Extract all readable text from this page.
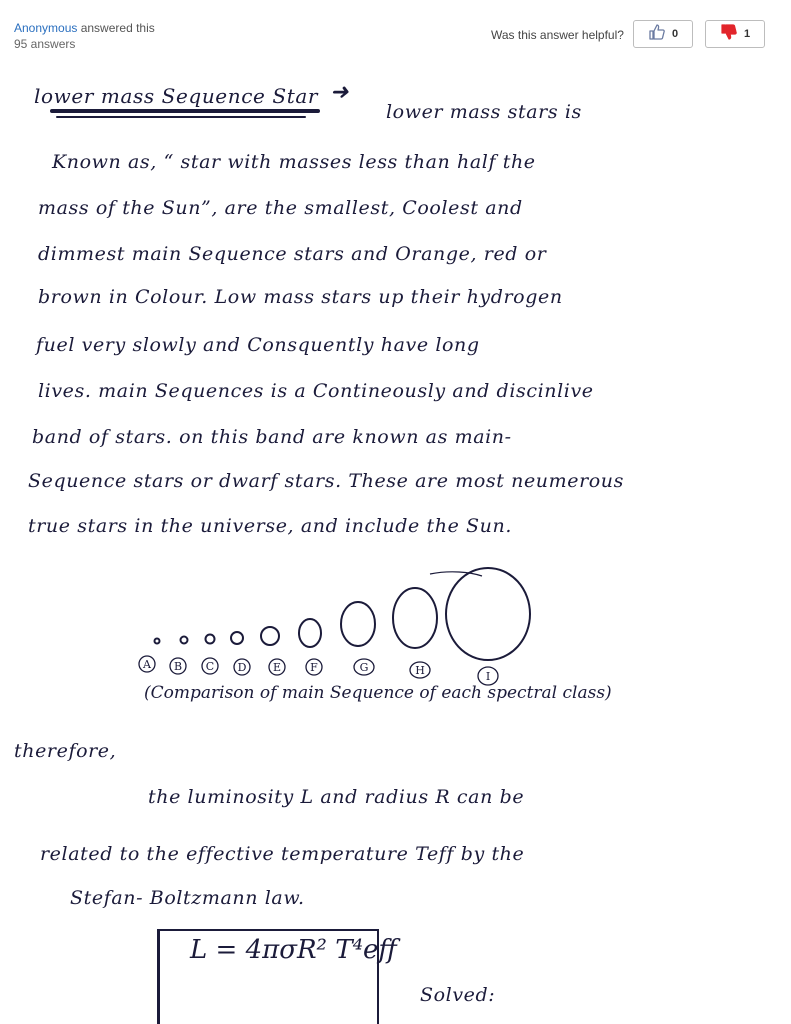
Anonymous answered this
95 answers
Was this answer helpful?	0	1
lower mass Sequence Star ➜
lower mass stars is
Known as, “ star with masses less than half the
mass of the Sun”, are the smallest, Coolest and
dimmest main Sequence stars and Orange, red or
brown in Colour. Low mass stars up their hydrogen
fuel very slowly and Consquently have long
lives. main Sequences is a Contineously and discinlive
band of stars. on this band are known as main-
Sequence stars or dwarf stars. These are most neumerous
true stars in the universe, and include the Sun.
A B C D E	F	G	H	I
(Comparison of main Sequence of each spectral class)
therefore,
the luminosity L and radius R can be
related to the effective temperature Teff by the
Stefan- Boltzmann law.
L = 4πσR² T⁴eff
Solved:
